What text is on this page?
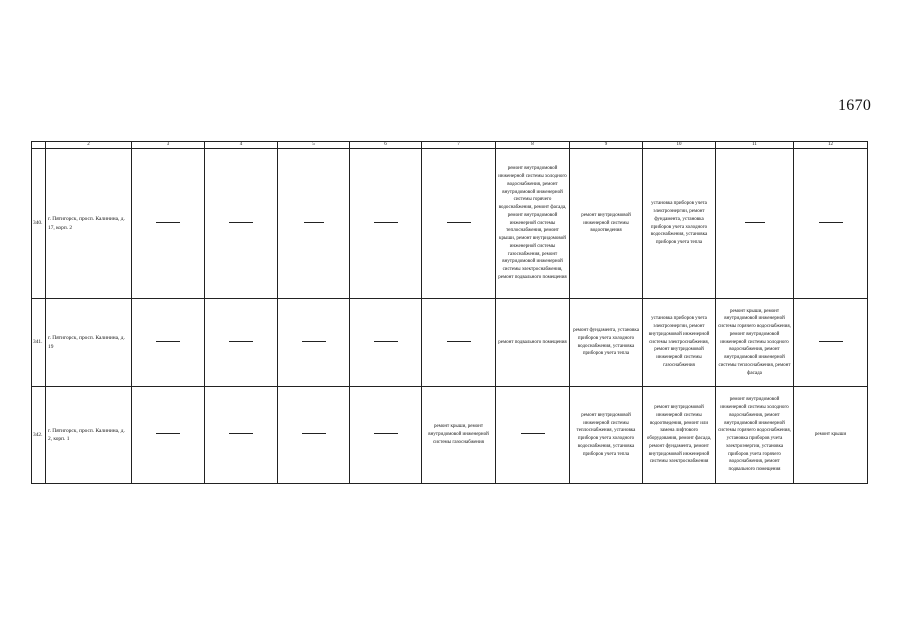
1670
	2	3	4	5	6	7	8	9	10	11	12
340.	г. Пятигорск, просп. Калинина, д. 17, корп. 2						ремонт внутридомовой инженерной системы холодного водоснабжения, ремонт внутридомовой инженерной системы горячего водоснабжения, ремонт фасада, ремонт внутридомовой инженерной системы теплоснабжения, ремонт крыши, ремонт внутридомовой инженерной системы газоснабжения, ремонт внутридомовой инженерной системы электроснабжения, ремонт подвального помещения	ремонт внутридомовой инженерной системы водоотведения	установка приборов учета электроэнергии, ремонт фундамента, установка приборов учета холодного водоснабжения, установка приборов учета тепла		
341.	г. Пятигорск, просп. Калинина, д. 19						ремонт подвального помещения	ремонт фундамента, установка приборов учета холодного водоснабжения, установка приборов учета тепла	установка приборов учета электроэнергии, ремонт внутридомовой инженерной системы электроснабжения, ремонт внутридомовой инженерной системы газоснабжения	ремонт крыши, ремонт внутридомовой инженерной системы горячего водоснабжения, ремонт внутридомовой инженерной системы холодного водоснабжения, ремонт внутридомовой инженерной системы теплоснабжения, ремонт фасада	
342.	г. Пятигорск, просп. Калинина, д. 2, корп. 1					ремонт крыши, ремонт внутридомовой инженерной системы газоснабжения		ремонт внутридомовой инженерной системы теплоснабжения, установка приборов учета холодного водоснабжения, установка приборов учета тепла	ремонт внутридомовой инженерной системы водоотведения, ремонт или замена лифтового оборудования, ремонт фасада, ремонт фундамента, ремонт внутридомовой инженерной системы электроснабжения	ремонт внутридомовой инженерной системы холодного водоснабжения, ремонт внутридомовой инженерной системы горячего водоснабжения, установка приборов учета электроэнергии, установка приборов учета горячего водоснабжения, ремонт подвального помещения	ремонт крыши
